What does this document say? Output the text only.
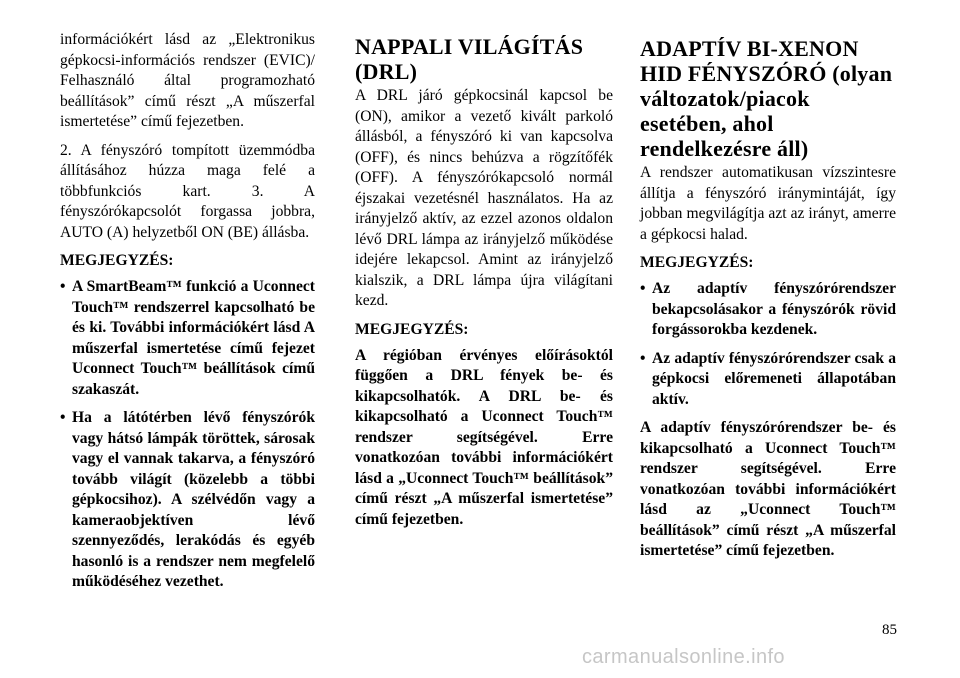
információkért lásd az „Elektronikus gépkocsi-információs rendszer (EVIC)/ Felhasználó által programozható beállítások” című részt „A műszerfal ismertetése” című fejezetben.

2. A fényszóró tompított üzemmódba állításához húzza maga felé a többfunkciós kart. 3. A fényszórókapcsolót forgassa jobbra, AUTO (A) helyzetből ON (BE) állásba.

MEGJEGYZÉS:
• A SmartBeam™ funkció a Uconnect Touch™ rendszerrel kapcsolható be és ki. További információkért lásd A műszerfal ismertetése című fejezet Uconnect Touch™ beállítások című szakaszát.
• Ha a látótérben lévő fényszórók vagy hátsó lámpák töröttek, sárosak vagy el vannak takarva, a fényszóró tovább világít (közelebb a többi gépkocsihoz). A szélvédőn vagy a kameraobjektíven lévő szennyeződés, lerakódás és egyéb hasonló is a rendszer nem megfelelő működéséhez vezethet.
NAPPALI VILÁGÍTÁS (DRL)

A DRL járó gépkocsinál kapcsol be (ON), amikor a vezető kivált parkoló állásból, a fényszóró ki van kapcsolva (OFF), és nincs behúzva a rögzítőfék (OFF). A fényszórókapcsoló normál éjszakai vezetésnél használatos. Ha az irányjelző aktív, az ezzel azonos oldalon lévő DRL lámpa az irányjelző működése idejére lekapcsol. Amint az irányjelző kialszik, a DRL lámpa újra világítani kezd.

MEGJEGYZÉS:

A régióban érvényes előírásoktól függően a DRL fények be- és kikapcsolhatók. A DRL be- és kikapcsolható a Uconnect Touch™ rendszer segítségével. Erre vonatkozóan további információkért lásd a „Uconnect Touch™ beállítások” című részt „A műszerfal ismertetése” című fejezetben.

ADAPTÍV BI-XENON HID FÉNYSZÓRÓ (olyan változatok/piacok esetében, ahol rendelkezésre áll)

A rendszer automatikusan vízszintesre állítja a fényszóró iránymintáját, így jobban megvilágítja azt az irányt, amerre a gépkocsi halad.

MEGJEGYZÉS:
• Az adaptív fényszórórendszer bekapcsolásakor a fényszórók rövid forgássorokba kezdenek.
• Az adaptív fényszórórendszer csak a gépkocsi előremeneti állapotában aktív.

A adaptív fényszórórendszer be- és kikapcsolható a Uconnect Touch™ rendszer segítségével. Erre vonatkozóan további információkért lásd az „Uconnect Touch™ beállítások” című részt „A műszerfal ismertetése” című fejezetben.

85
carmanualsonline.info
